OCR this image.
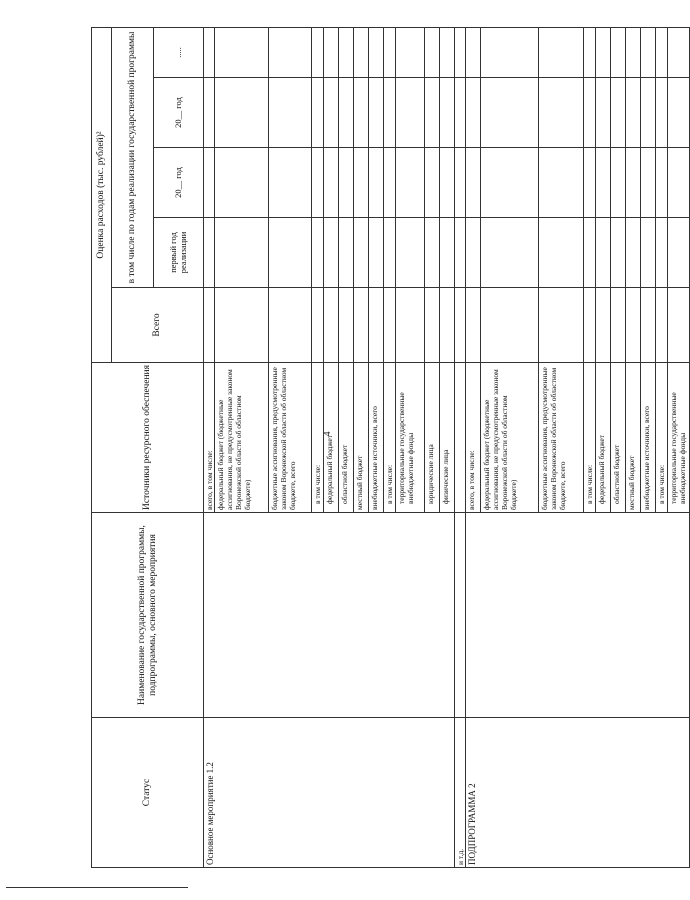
4
Статус	Наименование государственной программы, подпрограммы, основного мероприятия	Источники ресурсного обеспечения	Оценка расходов (тыс. рублей)²				
			Всего	в том числе по годам реализации государственной программы			
				первый год реализации	20__ год	20__ год	.....
Основное мероприятие 1.2		всего, в том числе:					
		федеральный бюджет (бюджетные ассигнования, не предусмотренные законом Воронежской области об областном бюджете)					
		бюджетные ассигнования, предусмотренные законом Воронежской области об областном бюджете, всего					
		в том числе:					
		федеральный бюджет					
		областной бюджет					
		местный бюджет					
		внебюджетные источники, всего					
		в том числе:					
		территориальные государственные внебюджетные фонды					
		юридические лица					
		физические лица					
и т.д.							
ПОДПРОГРАММА 2		всего, в том числе:					
		федеральный бюджет (бюджетные ассигнования, не предусмотренные законом Воронежской области об областном бюджете)					
		бюджетные ассигнования, предусмотренные законом Воронежской области об областном бюджете, всего					
		в том числе:					
		федеральный бюджет					
		областной бюджет					
		местный бюджет					
		внебюджетные источники, всего					
		в том числе:					
		территориальные государственные внебюджетные фонды					
